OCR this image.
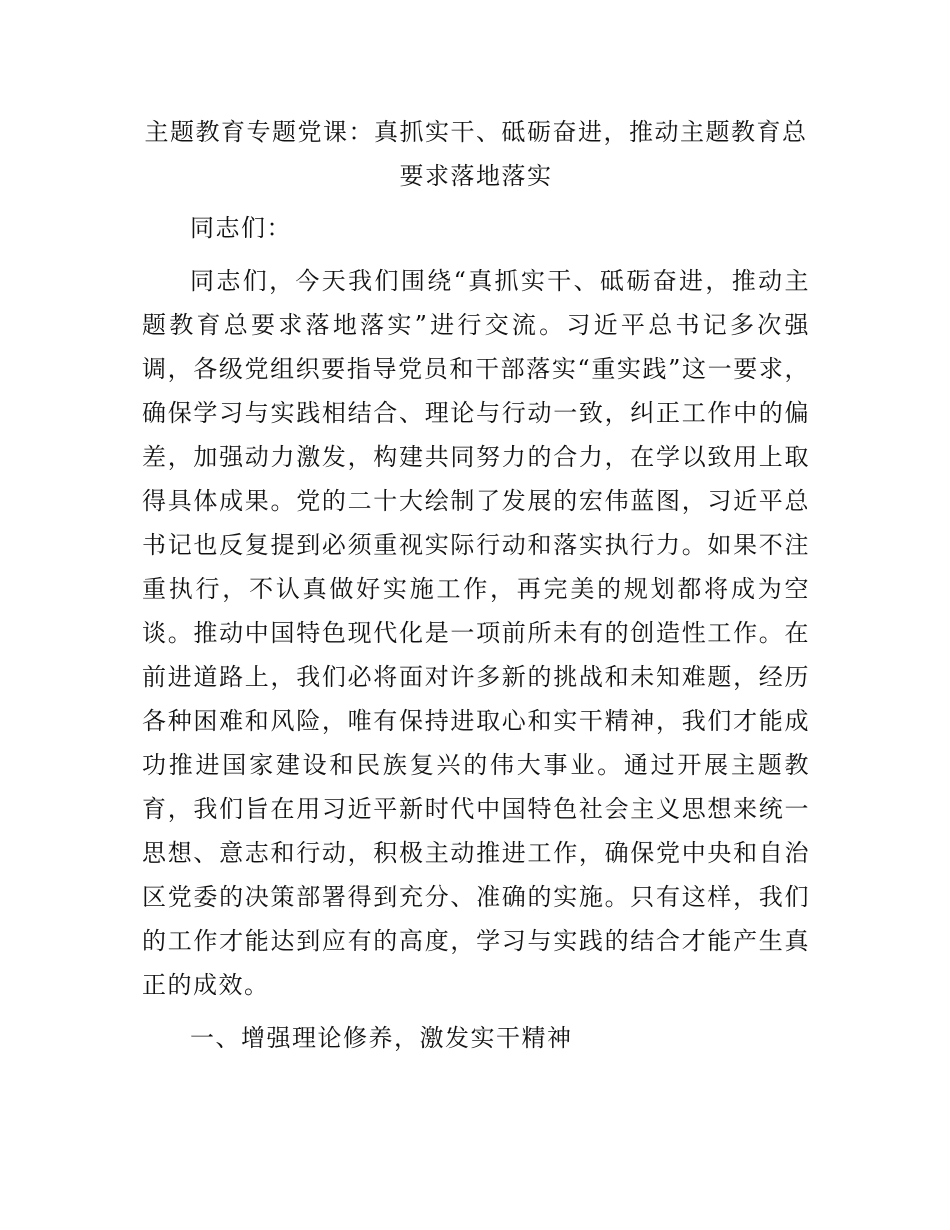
主题教育专题党课：真抓实干、砥砺奋进，推动主题教育总要求落地落实

同志们：

同志们，今天我们围绕“真抓实干、砥砺奋进，推动主题教育总要求落地落实”进行交流。习近平总书记多次强调，各级党组织要指导党员和干部落实“重实践”这一要求，确保学习与实践相结合、理论与行动一致，纠正工作中的偏差，加强动力激发，构建共同努力的合力，在学以致用上取得具体成果。党的二十大绘制了发展的宏伟蓝图，习近平总书记也反复提到必须重视实际行动和落实执行力。如果不注重执行，不认真做好实施工作，再完美的规划都将成为空谈。推动中国特色现代化是一项前所未有的创造性工作。在前进道路上，我们必将面对许多新的挑战和未知难题，经历各种困难和风险，唯有保持进取心和实干精神，我们才能成功推进国家建设和民族复兴的伟大事业。通过开展主题教育，我们旨在用习近平新时代中国特色社会主义思想来统一思想、意志和行动，积极主动推进工作，确保党中央和自治区党委的决策部署得到充分、准确的实施。只有这样，我们的工作才能达到应有的高度，学习与实践的结合才能产生真正的成效。

一、增强理论修养，激发实干精神
